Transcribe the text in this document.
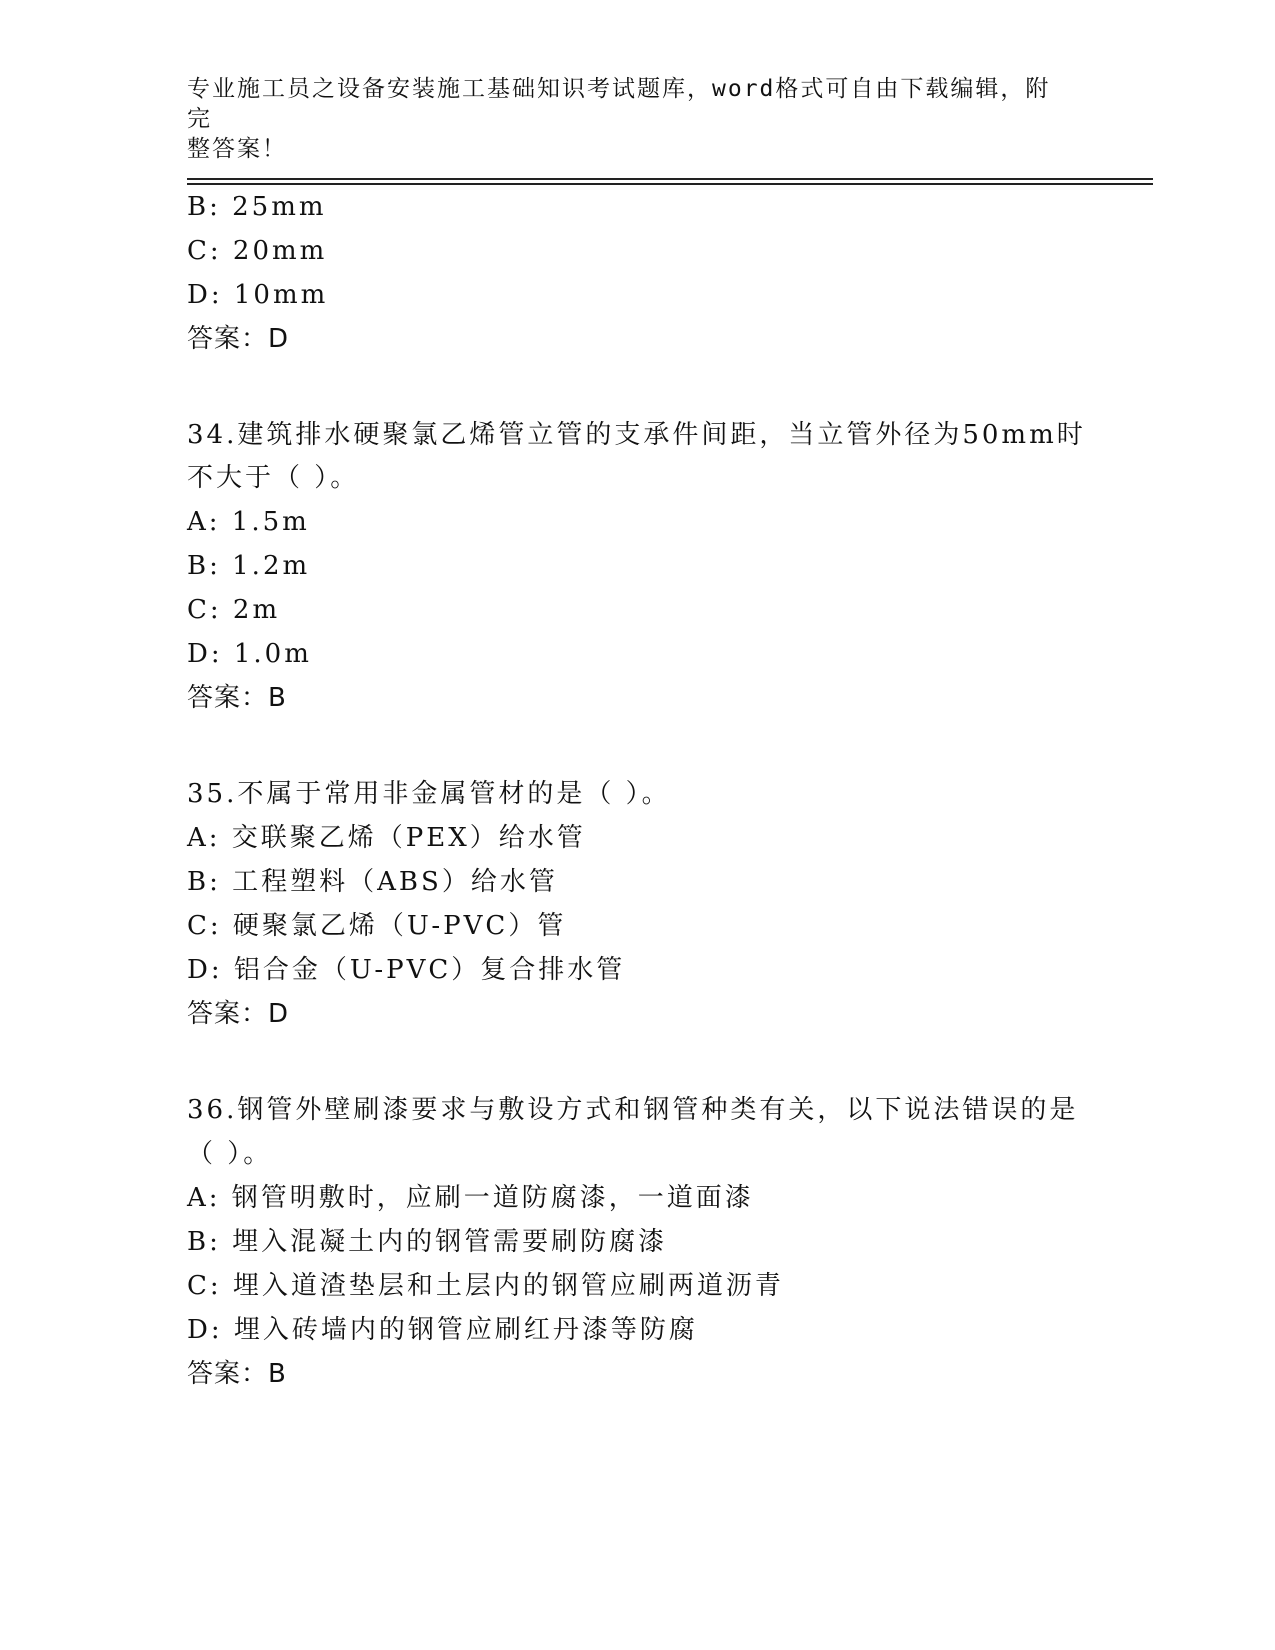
专业施工员之设备安装施工基础知识考试题库，word格式可自由下载编辑，附完
整答案！
B: 25mm
C: 20mm
D: 10mm
答案：D
34.建筑排水硬聚氯乙烯管立管的支承件间距，当立管外径为50mm时
不大于（ ）。
A: 1.5m
B: 1.2m
C: 2m
D: 1.0m
答案：B
35.不属于常用非金属管材的是（ ）。
A: 交联聚乙烯（PEX）给水管
B: 工程塑料（ABS）给水管
C: 硬聚氯乙烯（U-PVC）管
D: 铝合金（U-PVC）复合排水管
答案：D
36.钢管外壁刷漆要求与敷设方式和钢管种类有关，以下说法错误的是
（ ）。
A: 钢管明敷时，应刷一道防腐漆，一道面漆
B: 埋入混凝土内的钢管需要刷防腐漆
C: 埋入道渣垫层和土层内的钢管应刷两道沥青
D: 埋入砖墙内的钢管应刷红丹漆等防腐
答案：B
